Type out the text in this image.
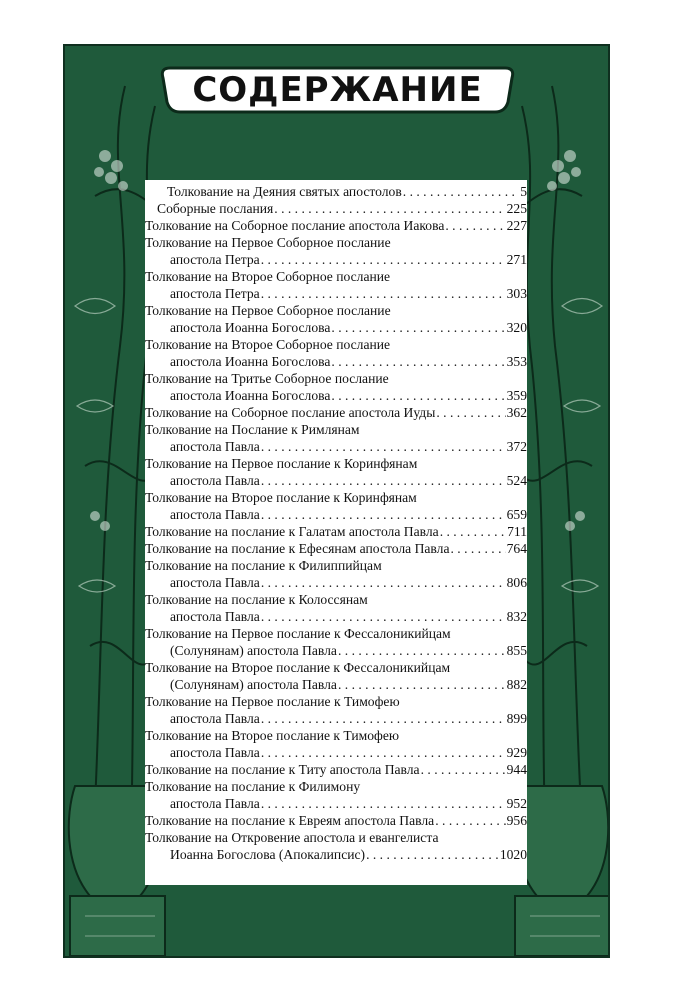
СОДЕРЖАНИЕ
Толкование на Деяния святых апостолов . . .	5
Соборные послания . . .	225
Толкование на Соборное послание апостола Иакова . . .	227
Толкование на Первое Соборное послание
апостола Петра . . .	271
Толкование на Второе Соборное послание
апостола Петра . . .	303
Толкование на Первое Соборное послание
апостола Иоанна Богослова . . .	320
Толкование на Второе Соборное послание
апостола Иоанна Богослова . . .	353
Толкование на Тритье Соборное послание
апостола Иоанна Богослова . . .	359
Толкование на Соборное послание апостола Иуды . . .	362
Толкование на Послание к Римлянам
апостола Павла . . .	372
Толкование на Первое послание к Коринфянам
апостола Павла . . .	524
Толкование на Второе послание к Коринфянам
апостола Павла . . .	659
Толкование на послание к Галатам апостола Павла . . .	711
Толкование на послание к Ефесянам апостола Павла . . .	764
Толкование на послание к Филиппийцам
апостола Павла . . .	806
Толкование на послание к Колоссянам
апостола Павла . . .	832
Толкование на Первое послание к Фессалоникийцам
(Солунянам) апостола Павла . . .	855
Толкование на Второе послание к Фессалоникийцам
(Солунянам) апостола Павла . . .	882
Толкование на Первое послание к Тимофею
апостола Павла . . .	899
Толкование на Второе послание к Тимофею
апостола Павла . . .	929
Толкование на послание к Титу апостола Павла . . .	944
Толкование на послание к Филимону
апостола Павла . . .	952
Толкование на послание к Евреям апостола Павла . . .	956
Толкование на Откровение апостола и евангелиста
Иоанна Богослова (Апокалипсис) . . .	1020
